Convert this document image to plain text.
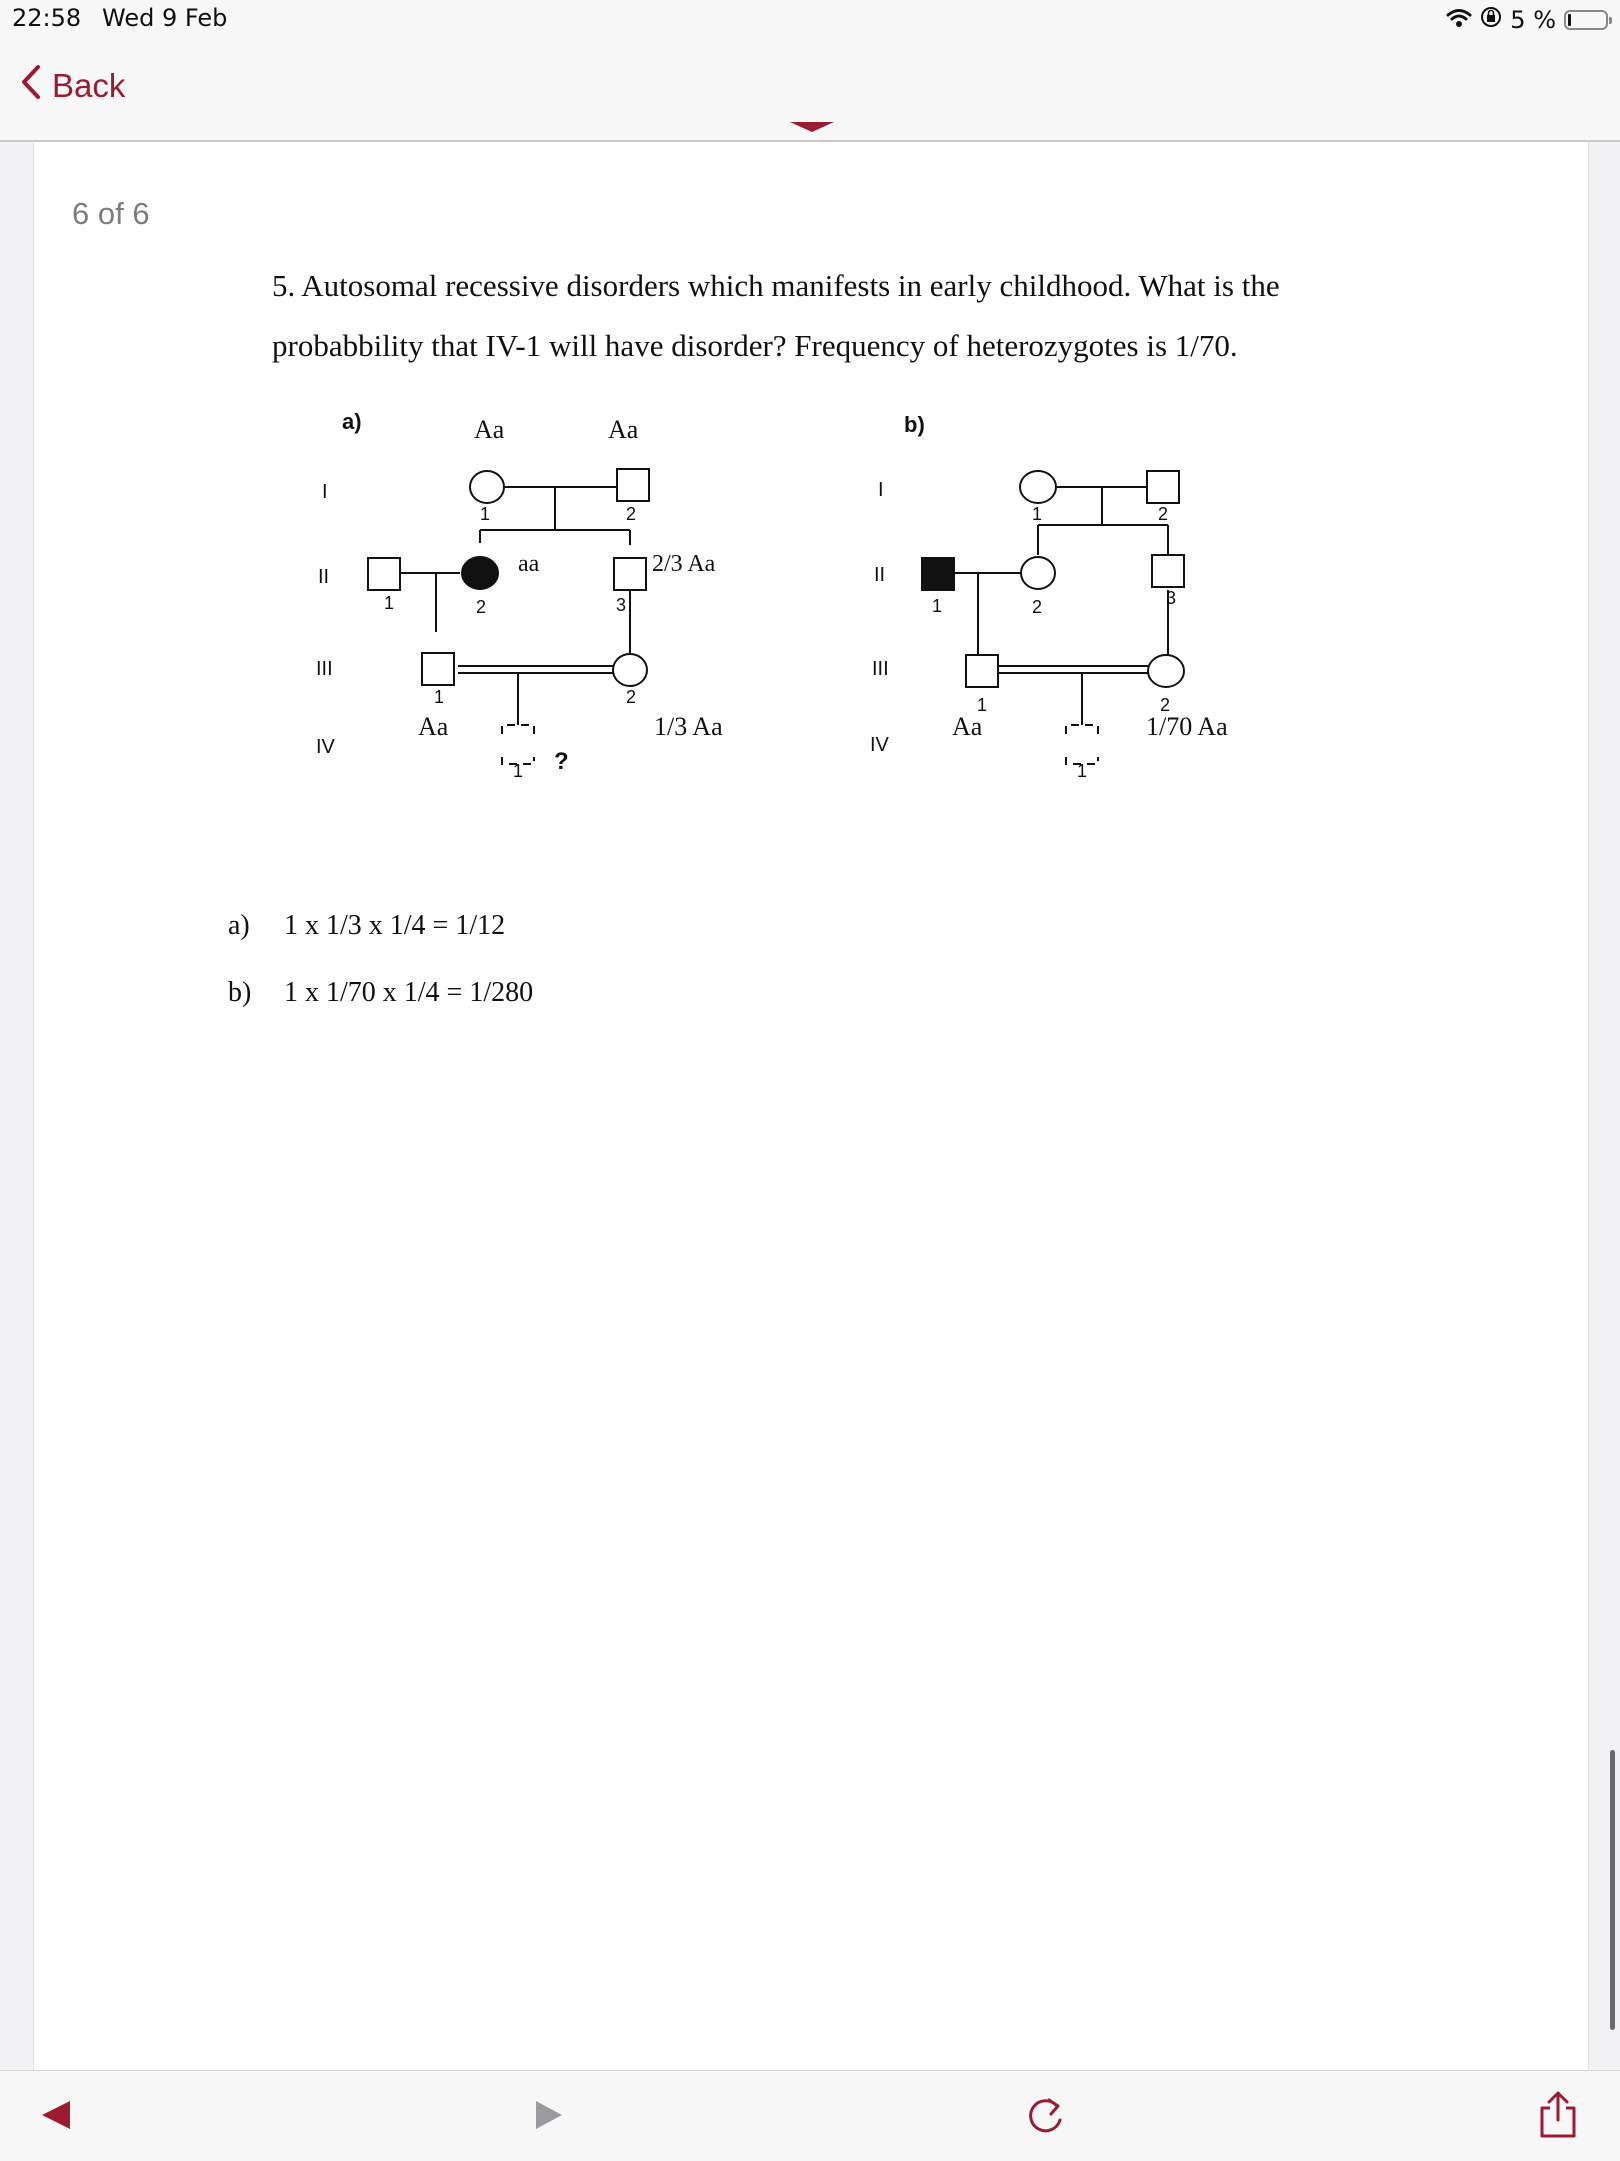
22:58 Wed 9 Feb	5 %
Back
6 of 6
5. Autosomal recessive disorders which manifests in early childhood. What is the
probabbility that IV-1 will have disorder? Frequency of heterozygotes is 1/70.
a)
I
II
III
IV
Aa	Aa
1	2
aa	2/3 Aa
1	2	3
1	2
Aa	1/3 Aa
1 ?
b)
I
II
III
IV
1	2
1	2	3
1	2
Aa	1/70 Aa
1
a) 1 x 1/3 x 1/4 = 1/12
b) 1 x 1/70 x 1/4 = 1/280
